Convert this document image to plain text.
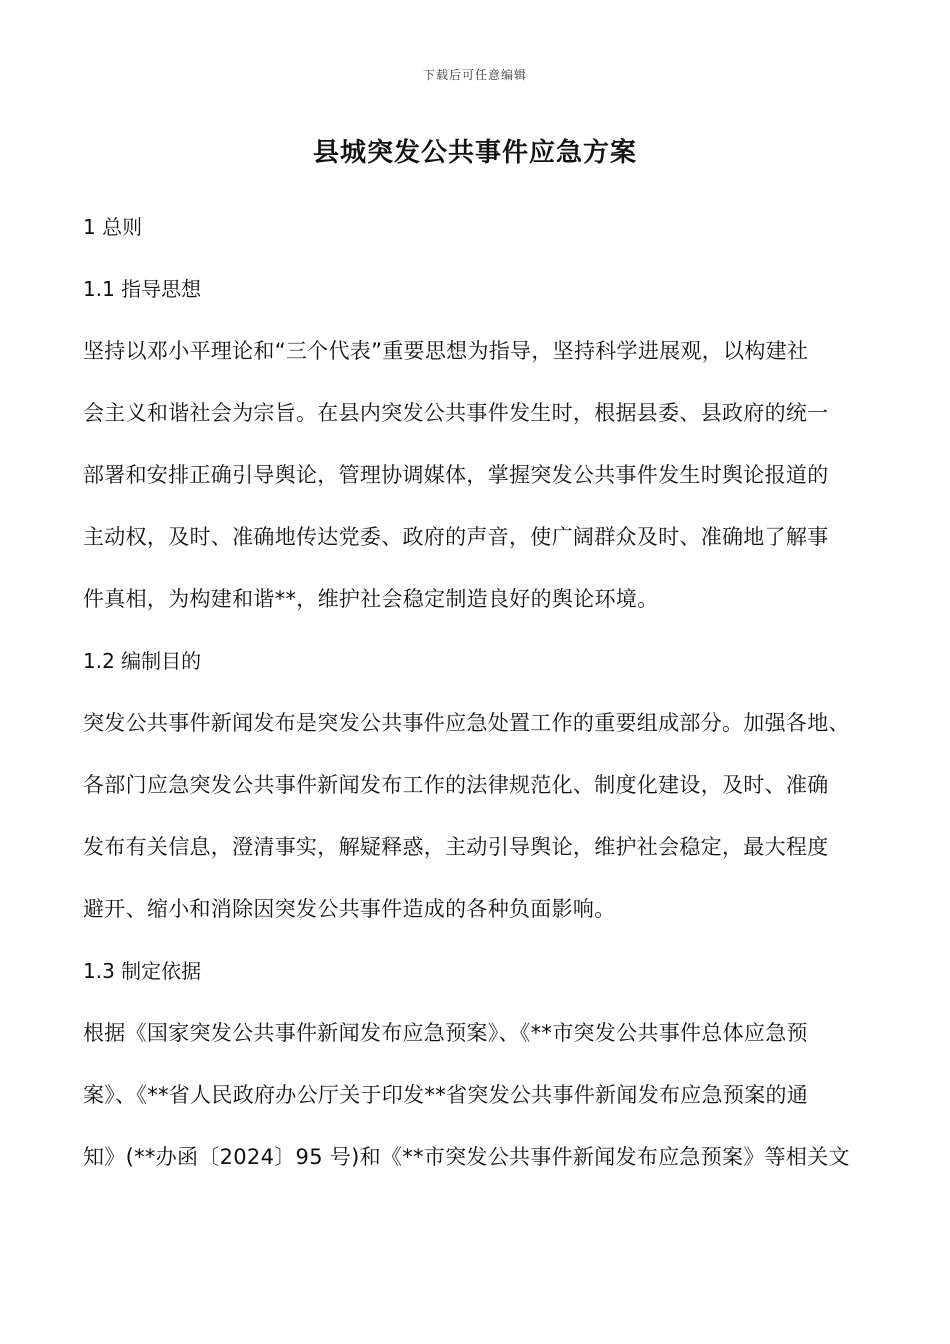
下载后可任意编辑
县城突发公共事件应急方案
1 总则
1.1 指导思想
坚持以邓小平理论和“三个代表”重要思想为指导，坚持科学进展观，以构建社
会主义和谐社会为宗旨。在县内突发公共事件发生时，根据县委、县政府的统一
部署和安排正确引导舆论，管理协调媒体，掌握突发公共事件发生时舆论报道的
主动权，及时、准确地传达党委、政府的声音，使广阔群众及时、准确地了解事
件真相，为构建和谐**，维护社会稳定制造良好的舆论环境。
1.2 编制目的
突发公共事件新闻发布是突发公共事件应急处置工作的重要组成部分。加强各地、
各部门应急突发公共事件新闻发布工作的法律规范化、制度化建设，及时、准确
发布有关信息，澄清事实，解疑释惑，主动引导舆论，维护社会稳定，最大程度
避开、缩小和消除因突发公共事件造成的各种负面影响。
1.3 制定依据
根据《国家突发公共事件新闻发布应急预案》、《**市突发公共事件总体应急预
案》、《**省人民政府办公厅关于印发**省突发公共事件新闻发布应急预案的通
知》(**办函〔2024〕95 号)和《**市突发公共事件新闻发布应急预案》等相关文
